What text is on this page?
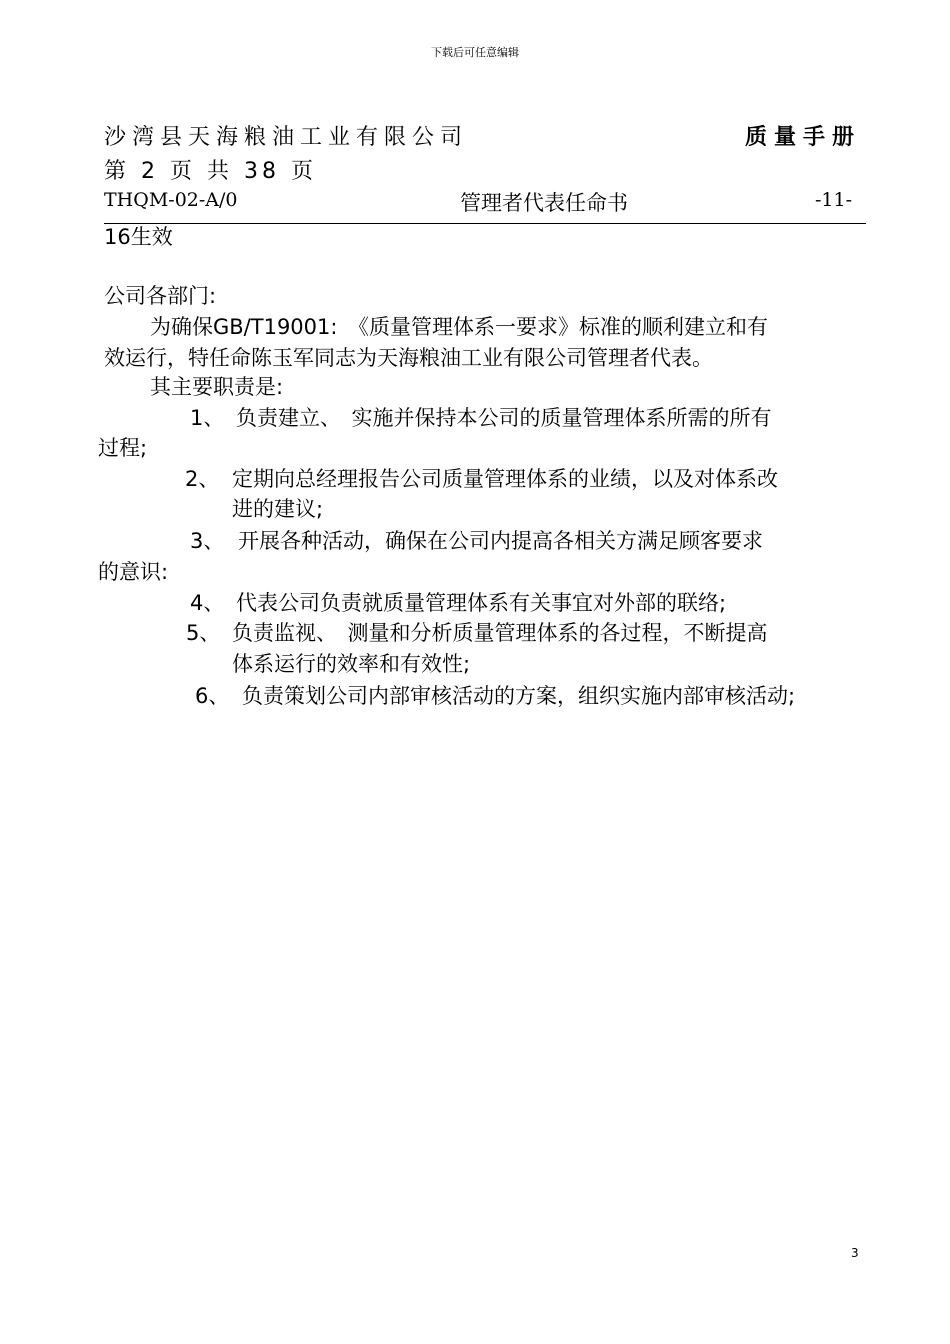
下载后可任意编辑
沙湾县天海粮油工业有限公司	质量手册
第 2 页 共 38 页
THQM-02-A/0	管理者代表任命书	-11-
16生效
公司各部门:
为确保GB/T19001:　《质量管理体系一要求》标准的顺利建立和有
效运行，特任命陈玉军同志为天海粮油工业有限公司管理者代表。
其主要职责是:
1、 负责建立、　实施并保持本公司的质量管理体系所需的所有
过程;
2、 定期向总经理报告公司质量管理体系的业绩，以及对体系改
进的建议;
3、 开展各种活动，确保在公司内提高各相关方满足顾客要求
的意识:
4、 代表公司负责就质量管理体系有关事宜对外部的联络;
5、 负责监视、　测量和分析质量管理体系的各过程，不断提高
体系运行的效率和有效性;
6、 负责策划公司内部审核活动的方案，组织实施内部审核活动;
3
